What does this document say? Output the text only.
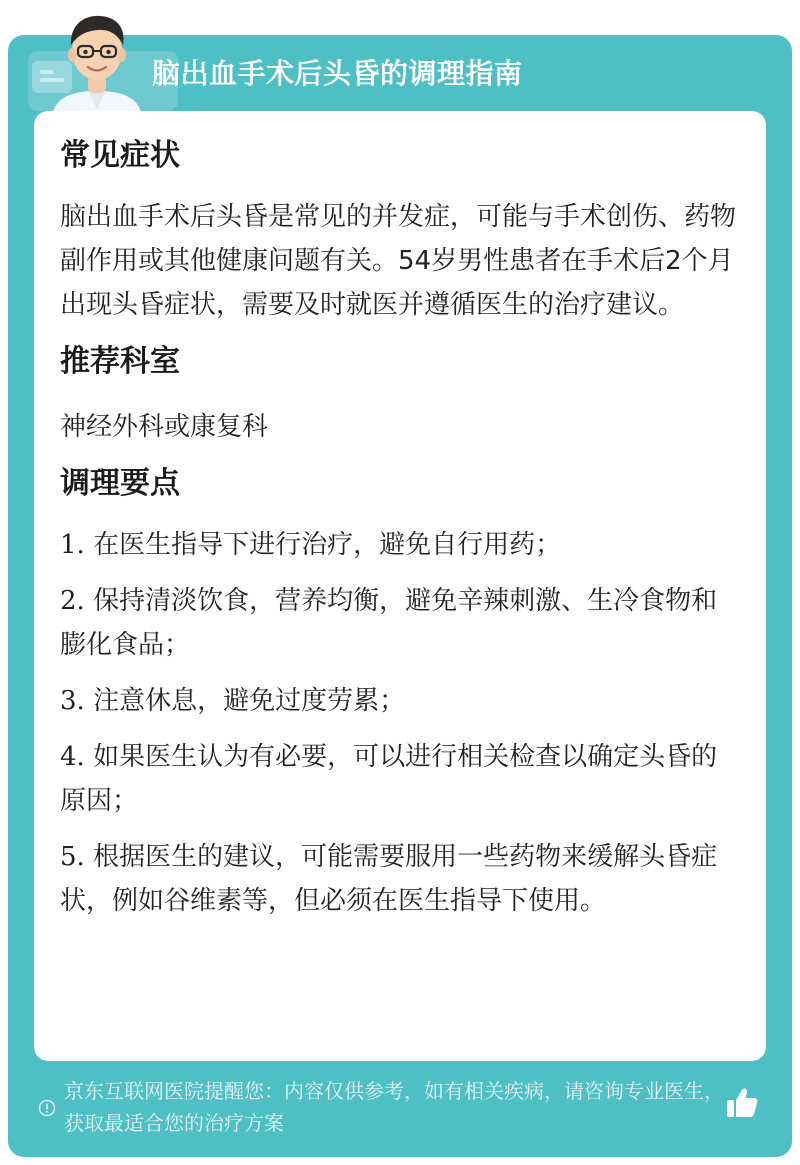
脑出血手术后头昏的调理指南
常见症状

脑出血手术后头昏是常见的并发症，可能与手术创伤、药物副作用或其他健康问题有关。54岁男性患者在手术后2个月出现头昏症状，需要及时就医并遵循医生的治疗建议。

推荐科室

神经外科或康复科

调理要点

1. 在医生指导下进行治疗，避免自行用药；

2. 保持清淡饮食，营养均衡，避免辛辣刺激、生冷食物和膨化食品；

3. 注意休息，避免过度劳累；

4. 如果医生认为有必要，可以进行相关检查以确定头昏的原因；

5. 根据医生的建议，可能需要服用一些药物来缓解头昏症状，例如谷维素等，但必须在医生指导下使用。

京东互联网医院提醒您：内容仅供参考，如有相关疾病，请咨询专业医生，获取最适合您的治疗方案
